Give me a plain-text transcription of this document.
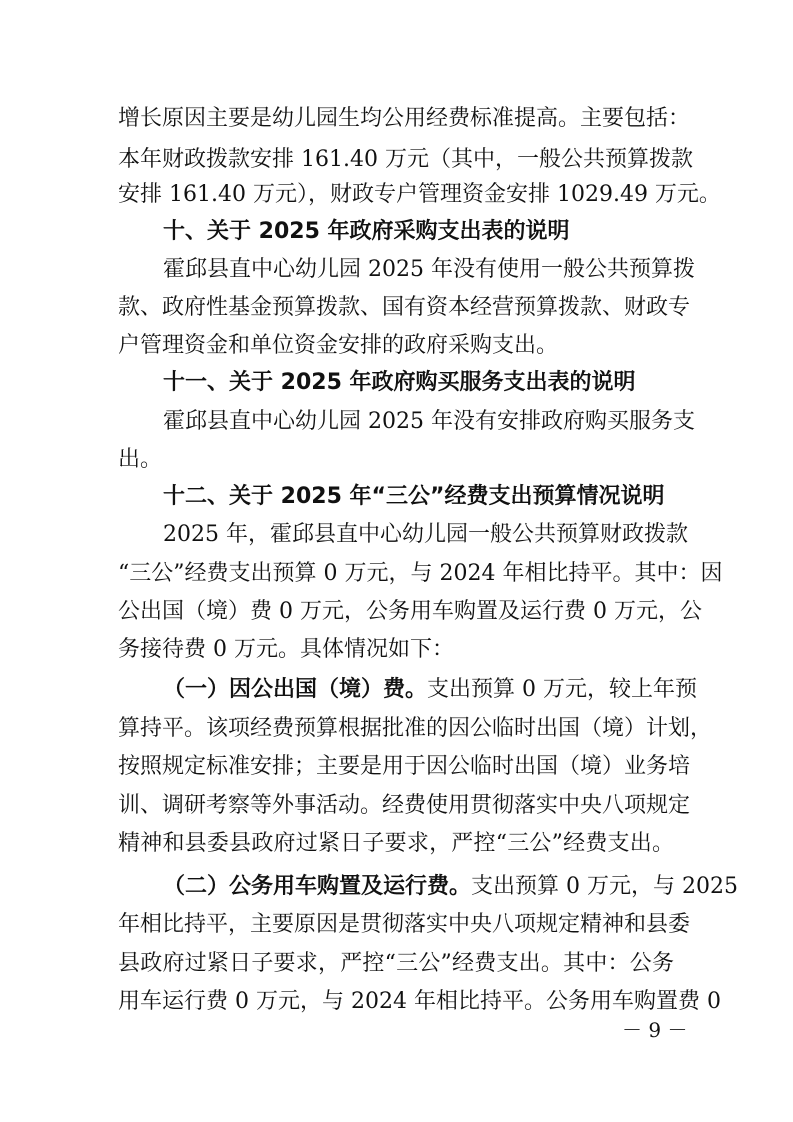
增长原因主要是幼儿园生均公用经费标准提高。主要包括：
本年财政拨款安排 161.40 万元（其中，一般公共预算拨款
安排 161.40 万元），财政专户管理资金安排 1029.49 万元。
十、关于 2025 年政府采购支出表的说明
霍邱县直中心幼儿园 2025 年没有使用一般公共预算拨
款、政府性基金预算拨款、国有资本经营预算拨款、财政专
户管理资金和单位资金安排的政府采购支出。
十一、关于 2025 年政府购买服务支出表的说明
霍邱县直中心幼儿园 2025 年没有安排政府购买服务支
出。
十二、关于 2025 年“三公”经费支出预算情况说明
2025 年，霍邱县直中心幼儿园一般公共预算财政拨款
“三公”经费支出预算 0 万元，与 2024 年相比持平。其中：因
公出国（境）费 0 万元，公务用车购置及运行费 0 万元，公
务接待费 0 万元。具体情况如下：
（一）因公出国（境）费。 支出预算 0 万元，较上年预
算持平。该项经费预算根据批准的因公临时出国（境）计划，
按照规定标准安排；主要是用于因公临时出国（境）业务培
训、调研考察等外事活动。经费使用贯彻落实中央八项规定
精神和县委县政府过紧日子要求，严控“三公”经费支出。
（二）公务用车购置及运行费。 支出预算 0 万元，与 2025
年相比持平，主要原因是贯彻落实中央八项规定精神和县委
县政府过紧日子要求，严控“三公”经费支出。其中：公务
用车运行费 0 万元，与 2024 年相比持平。公务用车购置费 0
－ 9 －
